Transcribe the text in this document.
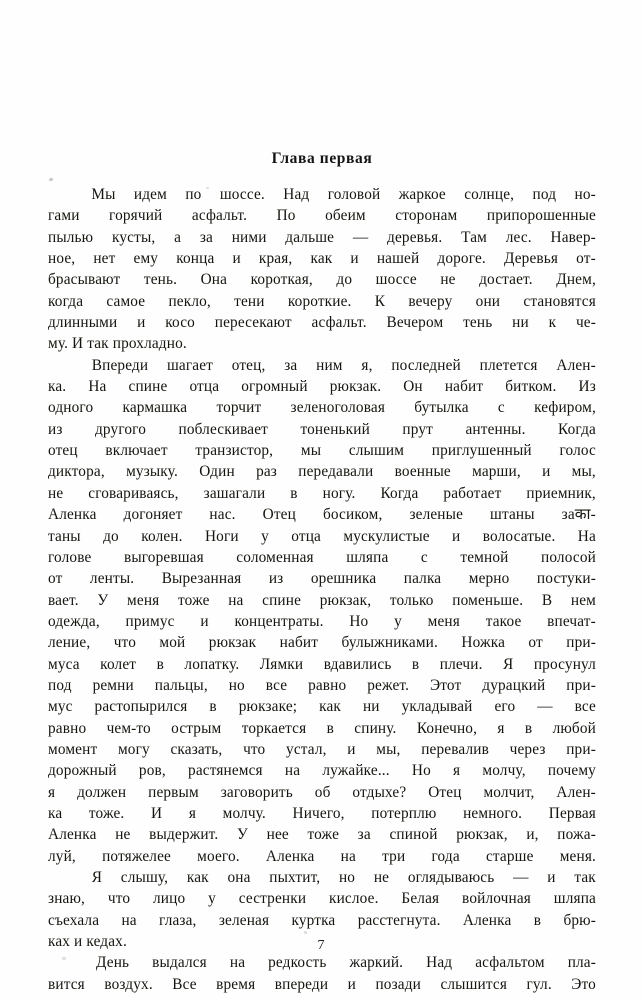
Глава первая

Мы идем по шоссе. Над головой жаркое солнце, под но-
гами горячий асфальт. По обеим сторонам припорошенные
пылью кусты, а за ними дальше — деревья. Там лес. Навер-
ное, нет ему конца и края, как и нашей дороге. Деревья от-
брасывают тень. Она короткая, до шоссе не достает. Днем,
когда самое пекло, тени короткие. К вечеру они становятся
длинными и косо пересекают асфальт. Вечером тень ни к че-
му. И так прохладно.

Впереди шагает отец, за ним я, последней плетется Ален-
ка. На спине отца огромный рюкзак. Он набит битком. Из
одного кармашка торчит зеленоголовая бутылка с кефиром,
из другого поблескивает тоненький прут антенны. Когда
отец включает транзистор, мы слышим приглушенный голос
диктора, музыку. Один раз передавали военные марши, и мы,
не сговариваясь, зашагали в ногу. Когда работает приемник,
Аленка догоняет нас. Отец босиком, зеленые штаны заका-
таны до колен. Ноги у отца мускулистые и волосатые. На
голове выгоревшая соломенная шляпа с темной полосой
от ленты. Вырезанная из орешника палка мерно постуки-
вает. У меня тоже на спине рюкзак, только поменьше. В нем
одежда, примус и концентраты. Но у меня такое впечат-
ление, что мой рюкзак набит булыжниками. Ножка от при-
муса колет в лопатку. Лямки вдавились в плечи. Я просунул
под ремни пальцы, но все равно режет. Этот дурацкий при-
мус растопырился в рюкзаке; как ни укладывай его — все
равно чем-то острым торкается в спину. Конечно, я в любой
момент могу сказать, что устал, и мы, перевалив через при-
дорожный ров, растянемся на лужайке... Но я молчу, почему
я должен первым заговорить об отдыхе? Отец молчит, Ален-
ка тоже. И я молчу. Ничего, потерплю немного. Первая
Аленка не выдержит. У нее тоже за спиной рюкзак, и, пожа-
луй, потяжелее моего. Аленка на три года старше меня.

Я слышу, как она пыхтит, но не оглядываюсь — и так
знаю, что лицо у сестренки кислое. Белая войлочная шляпа
съехала на глаза, зеленая куртка расстегнута. Аленка в брю-
ках и кедах.

День выдался на редкость жаркий. Над асфальтом пла-
вится воздух. Все время впереди и позади слышится гул. Это

7
